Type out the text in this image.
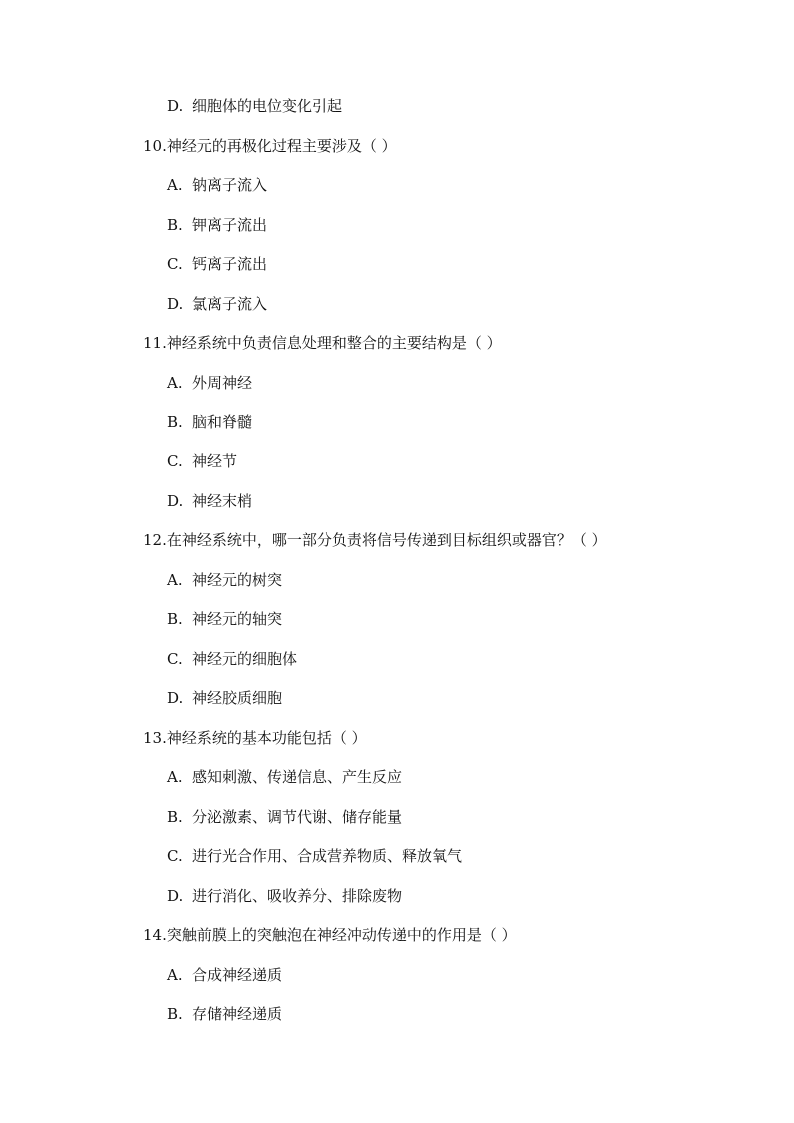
D. 细胞体的电位变化引起
10.神经元的再极化过程主要涉及（ ）
A. 钠离子流入
B. 钾离子流出
C. 钙离子流出
D. 氯离子流入
11.神经系统中负责信息处理和整合的主要结构是（ ）
A. 外周神经
B. 脑和脊髓
C. 神经节
D. 神经末梢
12.在神经系统中，哪一部分负责将信号传递到目标组织或器官？（ ）
A. 神经元的树突
B. 神经元的轴突
C. 神经元的细胞体
D. 神经胶质细胞
13.神经系统的基本功能包括（ ）
A. 感知刺激、传递信息、产生反应
B. 分泌激素、调节代谢、储存能量
C. 进行光合作用、合成营养物质、释放氧气
D. 进行消化、吸收养分、排除废物
14.突触前膜上的突触泡在神经冲动传递中的作用是（ ）
A. 合成神经递质
B. 存储神经递质
